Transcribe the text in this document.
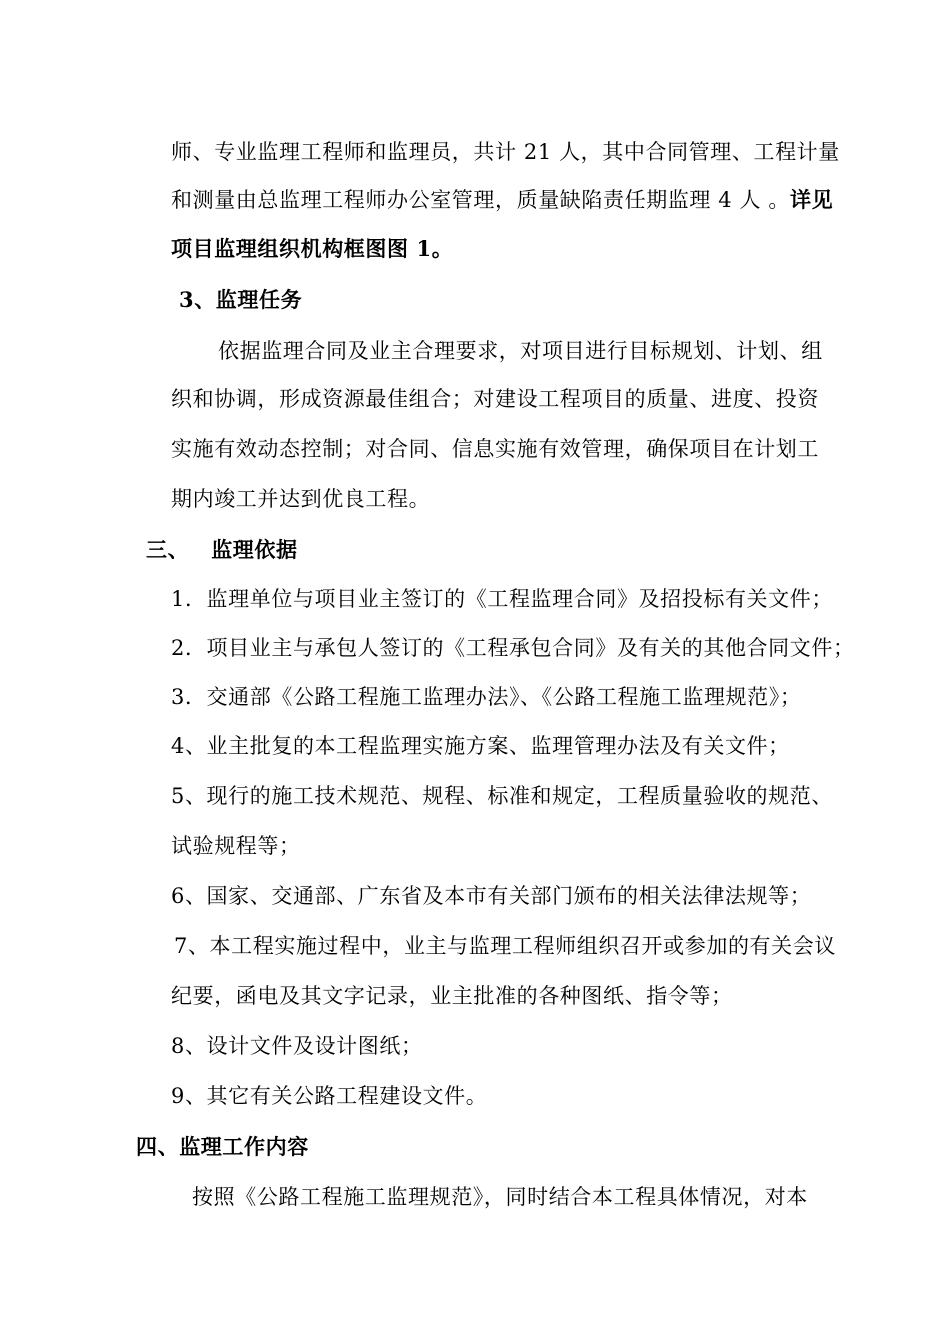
师、专业监理工程师和监理员，共计 21 人，其中合同管理、工程计量
和测量由总监理工程师办公室管理，质量缺陷责任期监理 4 人 。详见
项目监理组织机构框图图 1。
3、监理任务
依据监理合同及业主合理要求，对项目进行目标规划、计划、组
织和协调，形成资源最佳组合；对建设工程项目的质量、进度、投资
实施有效动态控制；对合同、信息实施有效管理，确保项目在计划工
期内竣工并达到优良工程。
三、 监理依据
1．监理单位与项目业主签订的《工程监理合同》及招投标有关文件；
2．项目业主与承包人签订的《工程承包合同》及有关的其他合同文件；
3．交通部《公路工程施工监理办法》、《公路工程施工监理规范》；
4、业主批复的本工程监理实施方案、监理管理办法及有关文件；
5、现行的施工技术规范、规程、标准和规定，工程质量验收的规范、
试验规程等；
6、国家、交通部、广东省及本市有关部门颁布的相关法律法规等；
7、本工程实施过程中，业主与监理工程师组织召开或参加的有关会议
纪要，函电及其文字记录，业主批准的各种图纸、指令等；
8、设计文件及设计图纸；
9、其它有关公路工程建设文件。
四、监理工作内容
按照《公路工程施工监理规范》，同时结合本工程具体情况，对本
